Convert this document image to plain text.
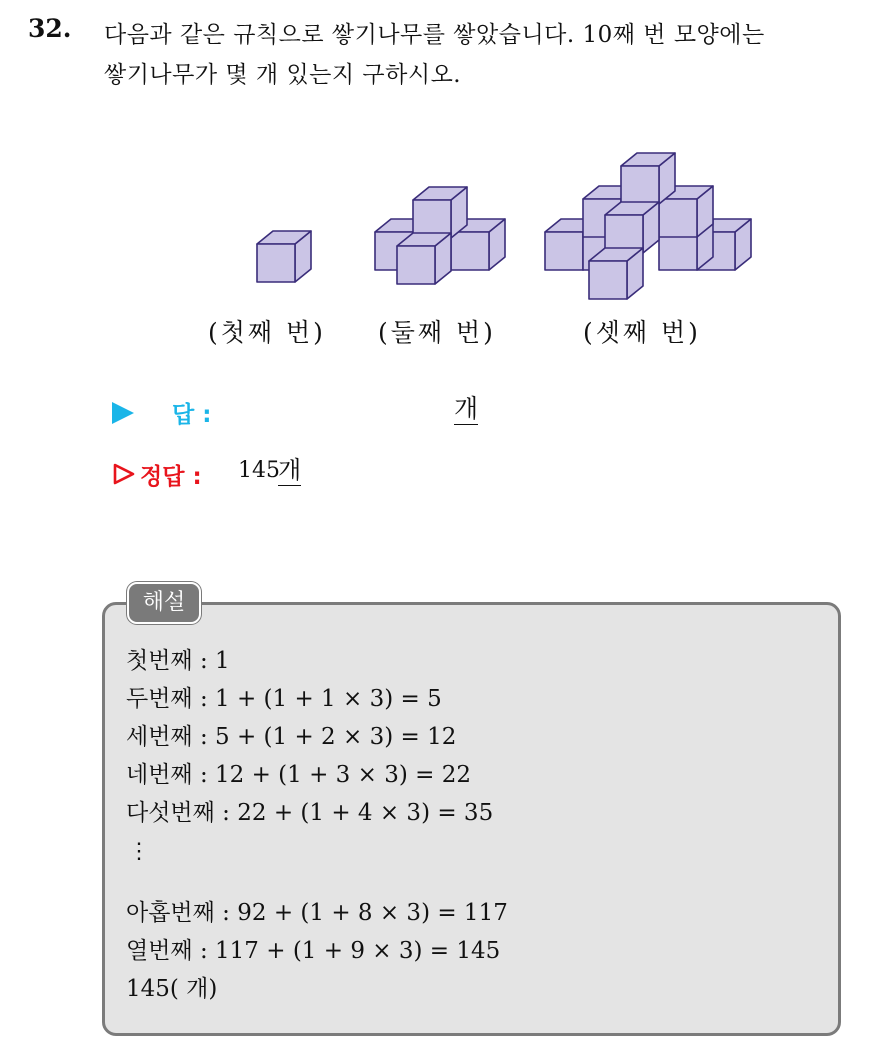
32. 다음과 같은 규칙으로 쌓기나무를 쌓았습니다. 10째 번 모양에는
쌓기나무가 몇 개 있는지 구하시오.
(첫째 번) (둘째 번)	(셋째 번)
답 :	개
정답 : 145
개
해설
첫번째 : 1
두번째 : 1 + (1 + 1 × 3) = 5
세번째 : 5 + (1 + 2 × 3) = 12
네번째 : 12 + (1 + 3 × 3) = 22
다섯번째 : 22 + (1 + 4 × 3) = 35
⋮
아홉번째 : 92 + (1 + 8 × 3) = 117
열번째 : 117 + (1 + 9 × 3) = 145
145( 개)
